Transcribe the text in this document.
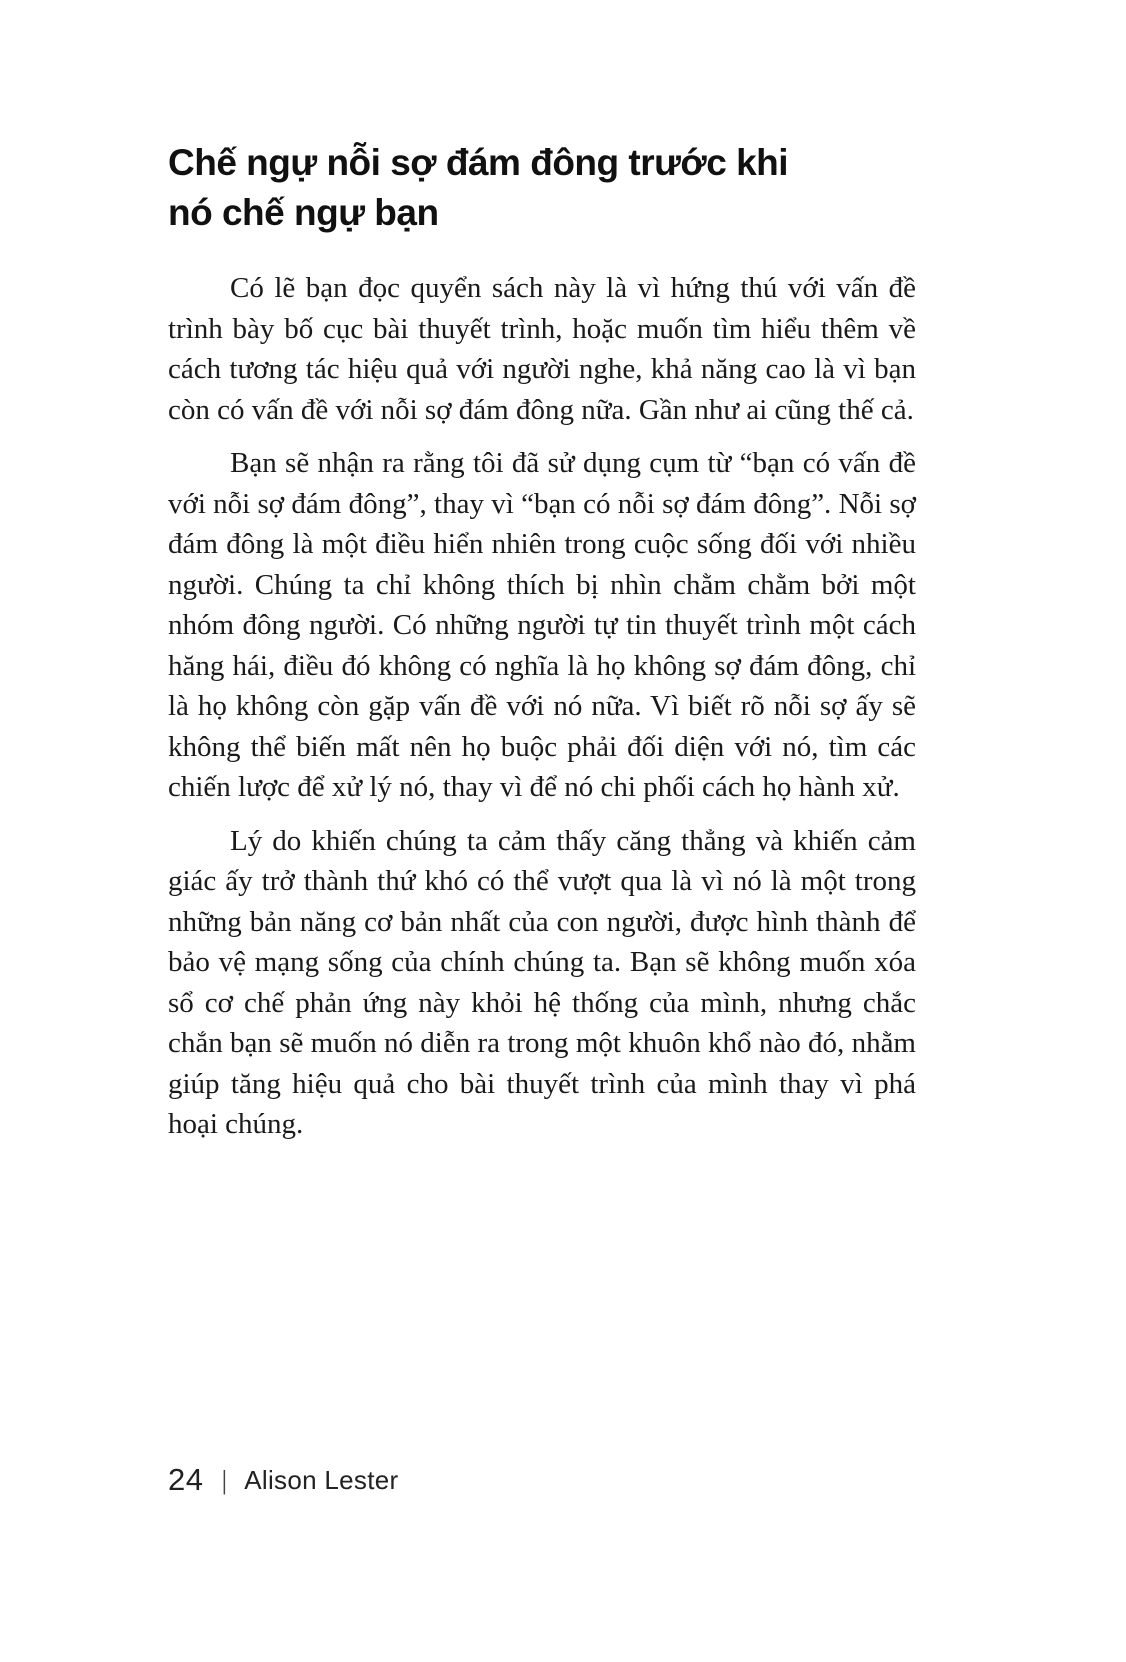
Chế ngự nỗi sợ đám đông trước khi
nó chế ngự bạn

Có lẽ bạn đọc quyển sách này là vì hứng thú với vấn đề trình bày bố cục bài thuyết trình, hoặc muốn tìm hiểu thêm về cách tương tác hiệu quả với người nghe, khả năng cao là vì bạn còn có vấn đề với nỗi sợ đám đông nữa. Gần như ai cũng thế cả.

Bạn sẽ nhận ra rằng tôi đã sử dụng cụm từ “bạn có vấn đề với nỗi sợ đám đông”, thay vì “bạn có nỗi sợ đám đông”. Nỗi sợ đám đông là một điều hiển nhiên trong cuộc sống đối với nhiều người. Chúng ta chỉ không thích bị nhìn chằm chằm bởi một nhóm đông người. Có những người tự tin thuyết trình một cách hăng hái, điều đó không có nghĩa là họ không sợ đám đông, chỉ là họ không còn gặp vấn đề với nó nữa. Vì biết rõ nỗi sợ ấy sẽ không thể biến mất nên họ buộc phải đối diện với nó, tìm các chiến lược để xử lý nó, thay vì để nó chi phối cách họ hành xử.

Lý do khiến chúng ta cảm thấy căng thẳng và khiến cảm giác ấy trở thành thứ khó có thể vượt qua là vì nó là một trong những bản năng cơ bản nhất của con người, được hình thành để bảo vệ mạng sống của chính chúng ta. Bạn sẽ không muốn xóa sổ cơ chế phản ứng này khỏi hệ thống của mình, nhưng chắc chắn bạn sẽ muốn nó diễn ra trong một khuôn khổ nào đó, nhằm giúp tăng hiệu quả cho bài thuyết trình của mình thay vì phá hoại chúng.

24 | Alison Lester
